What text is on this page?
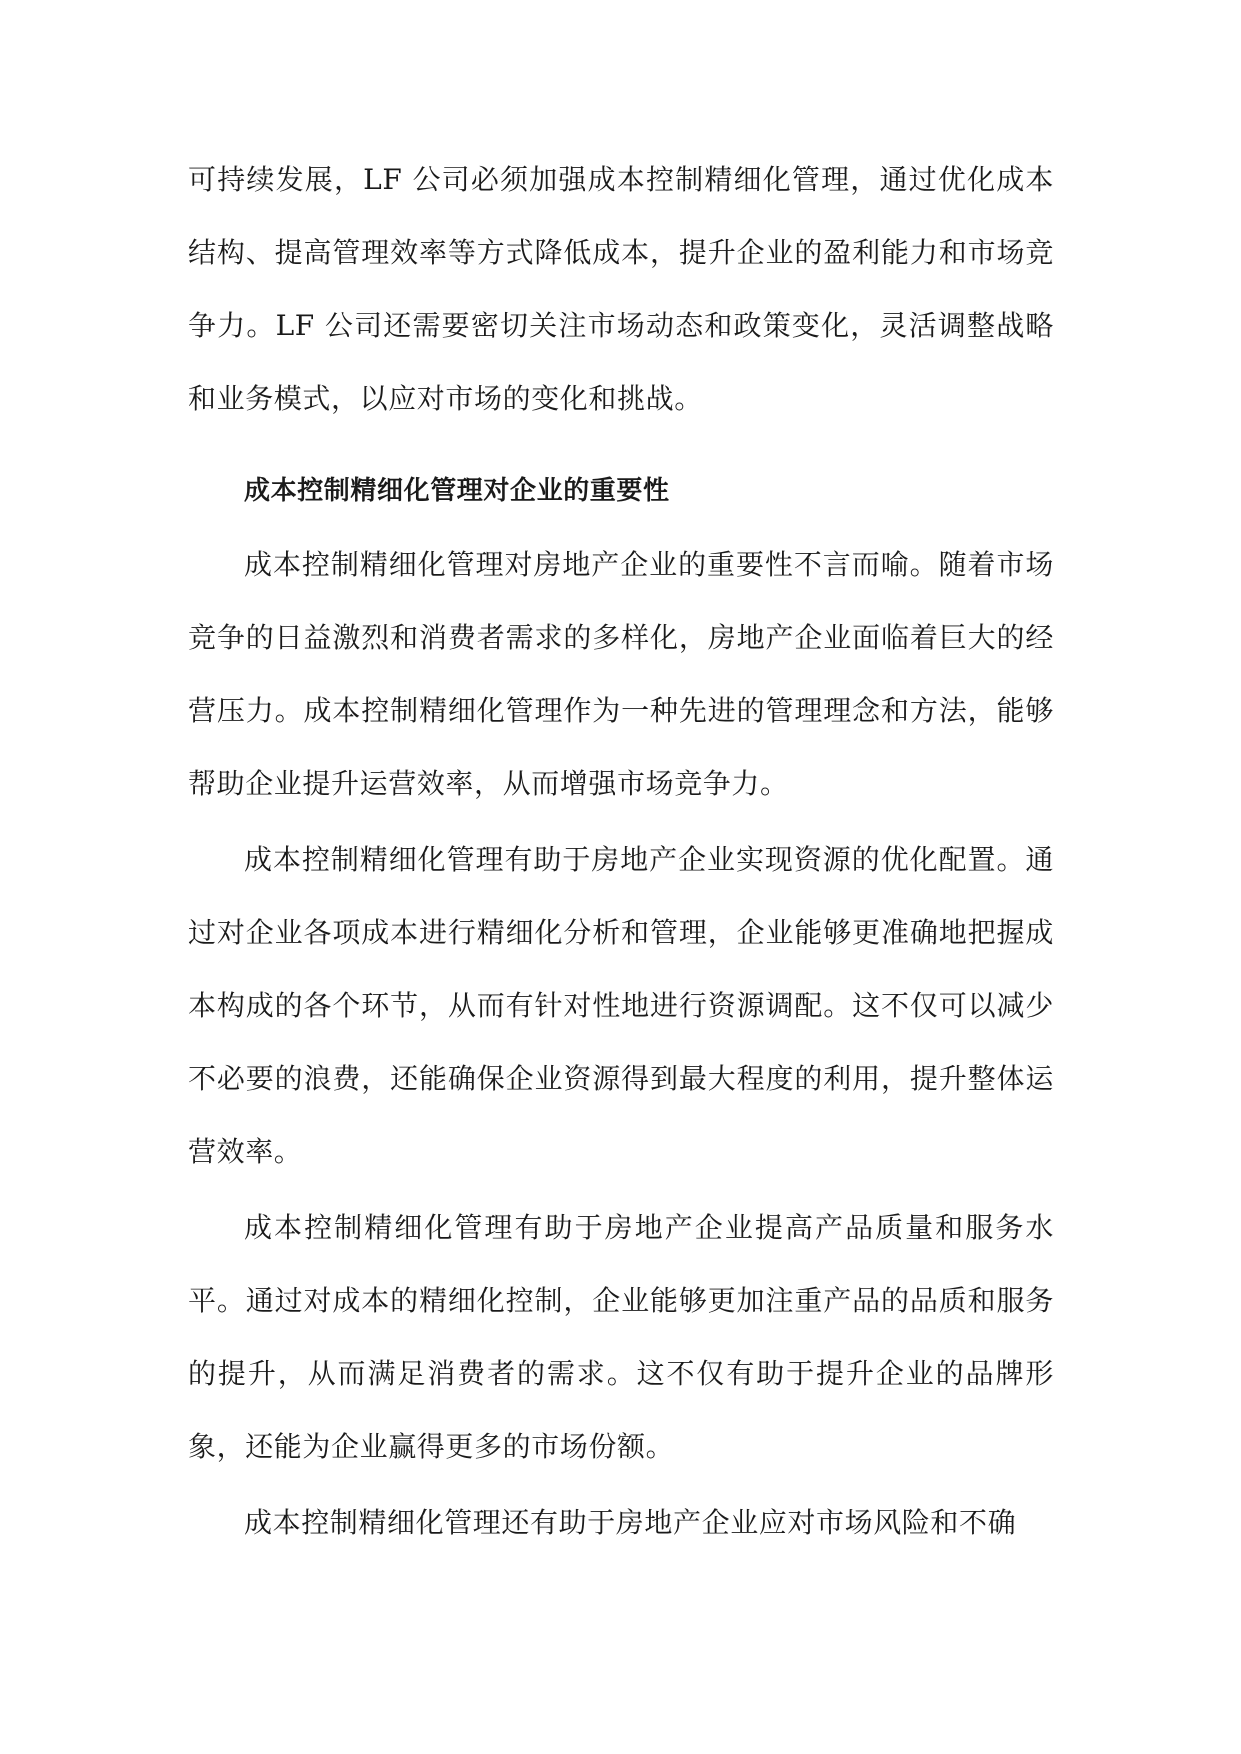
可持续发展，LF 公司必须加强成本控制精细化管理，通过优化成本结构、提高管理效率等方式降低成本，提升企业的盈利能力和市场竞争力。LF 公司还需要密切关注市场动态和政策变化，灵活调整战略和业务模式，以应对市场的变化和挑战。

成本控制精细化管理对企业的重要性

成本控制精细化管理对房地产企业的重要性不言而喻。随着市场竞争的日益激烈和消费者需求的多样化，房地产企业面临着巨大的经营压力。成本控制精细化管理作为一种先进的管理理念和方法，能够帮助企业提升运营效率，从而增强市场竞争力。

成本控制精细化管理有助于房地产企业实现资源的优化配置。通过对企业各项成本进行精细化分析和管理，企业能够更准确地把握成本构成的各个环节，从而有针对性地进行资源调配。这不仅可以减少不必要的浪费，还能确保企业资源得到最大程度的利用，提升整体运营效率。

成本控制精细化管理有助于房地产企业提高产品质量和服务水平。通过对成本的精细化控制，企业能够更加注重产品的品质和服务的提升，从而满足消费者的需求。这不仅有助于提升企业的品牌形象，还能为企业赢得更多的市场份额。

成本控制精细化管理还有助于房地产企业应对市场风险和不确
